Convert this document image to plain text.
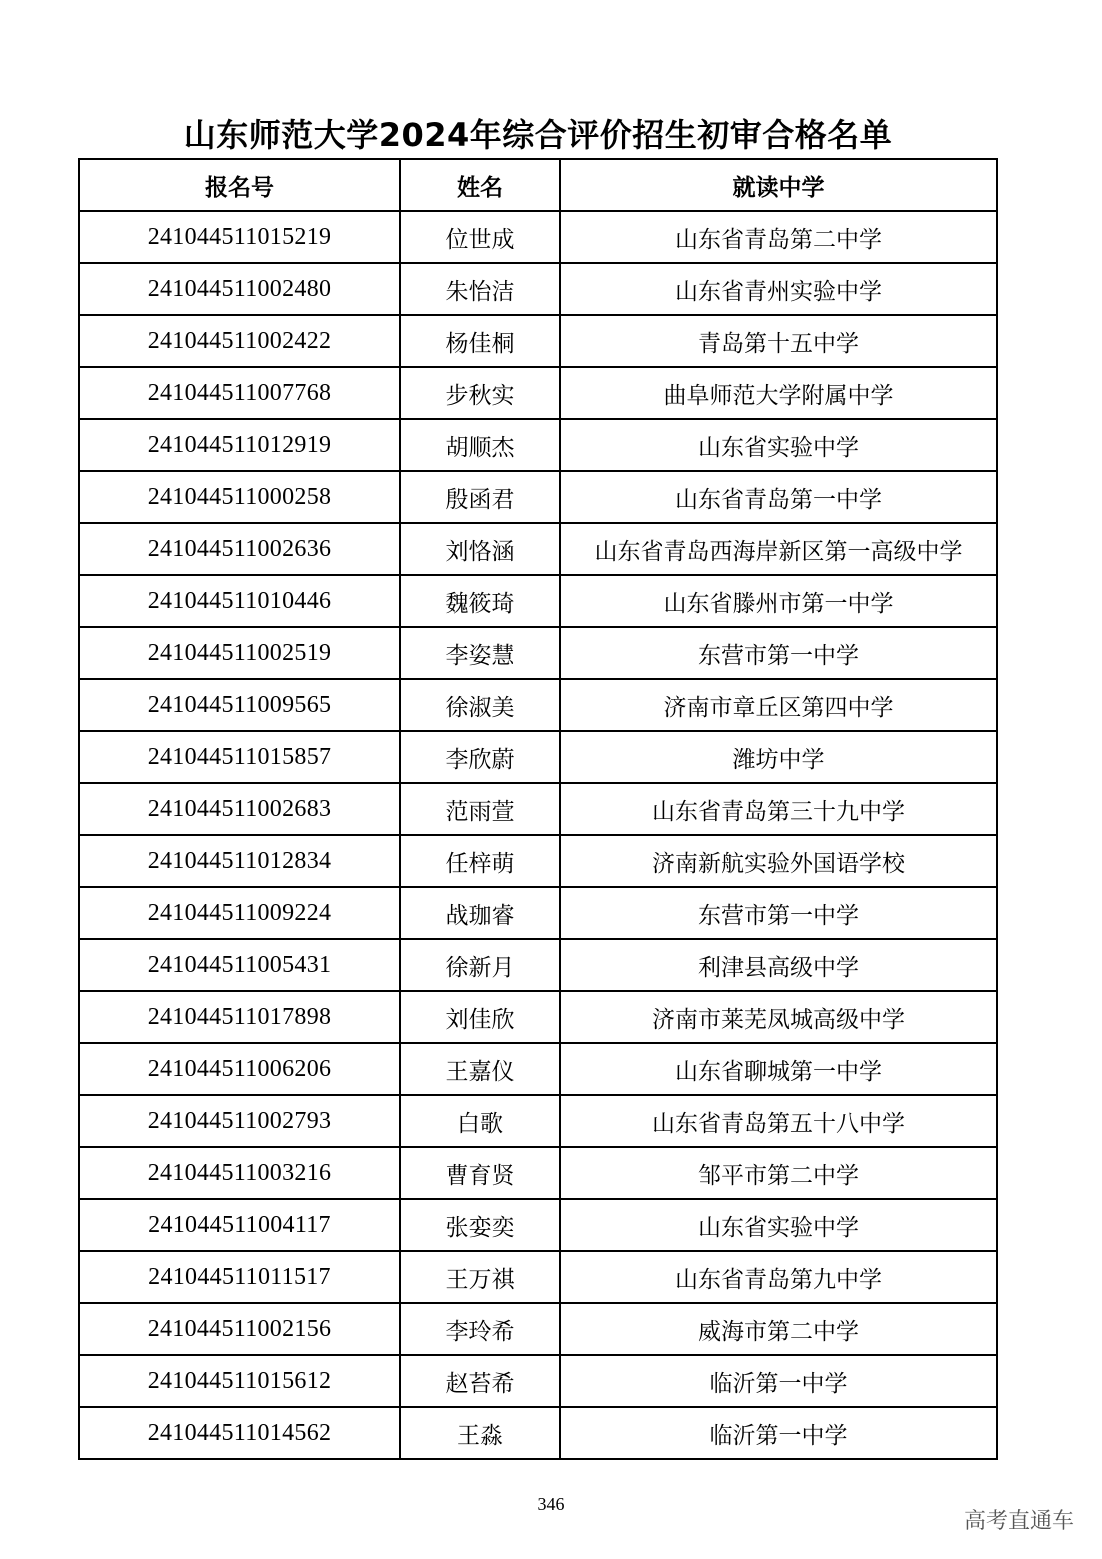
山东师范大学2024年综合评价招生初审合格名单
报名号	姓名	就读中学
241044511015219	位世成	山东省青岛第二中学
241044511002480	朱怡洁	山东省青州实验中学
241044511002422	杨佳桐	青岛第十五中学
241044511007768	步秋实	曲阜师范大学附属中学
241044511012919	胡顺杰	山东省实验中学
241044511000258	殷函君	山东省青岛第一中学
241044511002636	刘恪涵	山东省青岛西海岸新区第一高级中学
241044511010446	魏筱琦	山东省滕州市第一中学
241044511002519	李姿慧	东营市第一中学
241044511009565	徐淑美	济南市章丘区第四中学
241044511015857	李欣蔚	潍坊中学
241044511002683	范雨萱	山东省青岛第三十九中学
241044511012834	任梓萌	济南新航实验外国语学校
241044511009224	战珈睿	东营市第一中学
241044511005431	徐新月	利津县高级中学
241044511017898	刘佳欣	济南市莱芜凤城高级中学
241044511006206	王嘉仪	山东省聊城第一中学
241044511002793	白歌	山东省青岛第五十八中学
241044511003216	曹育贤	邹平市第二中学
241044511004117	张娈奕	山东省实验中学
241044511011517	王万祺	山东省青岛第九中学
241044511002156	李玲希	威海市第二中学
241044511015612	赵苔希	临沂第一中学
241044511014562	王淼	临沂第一中学
346
高考直通车
